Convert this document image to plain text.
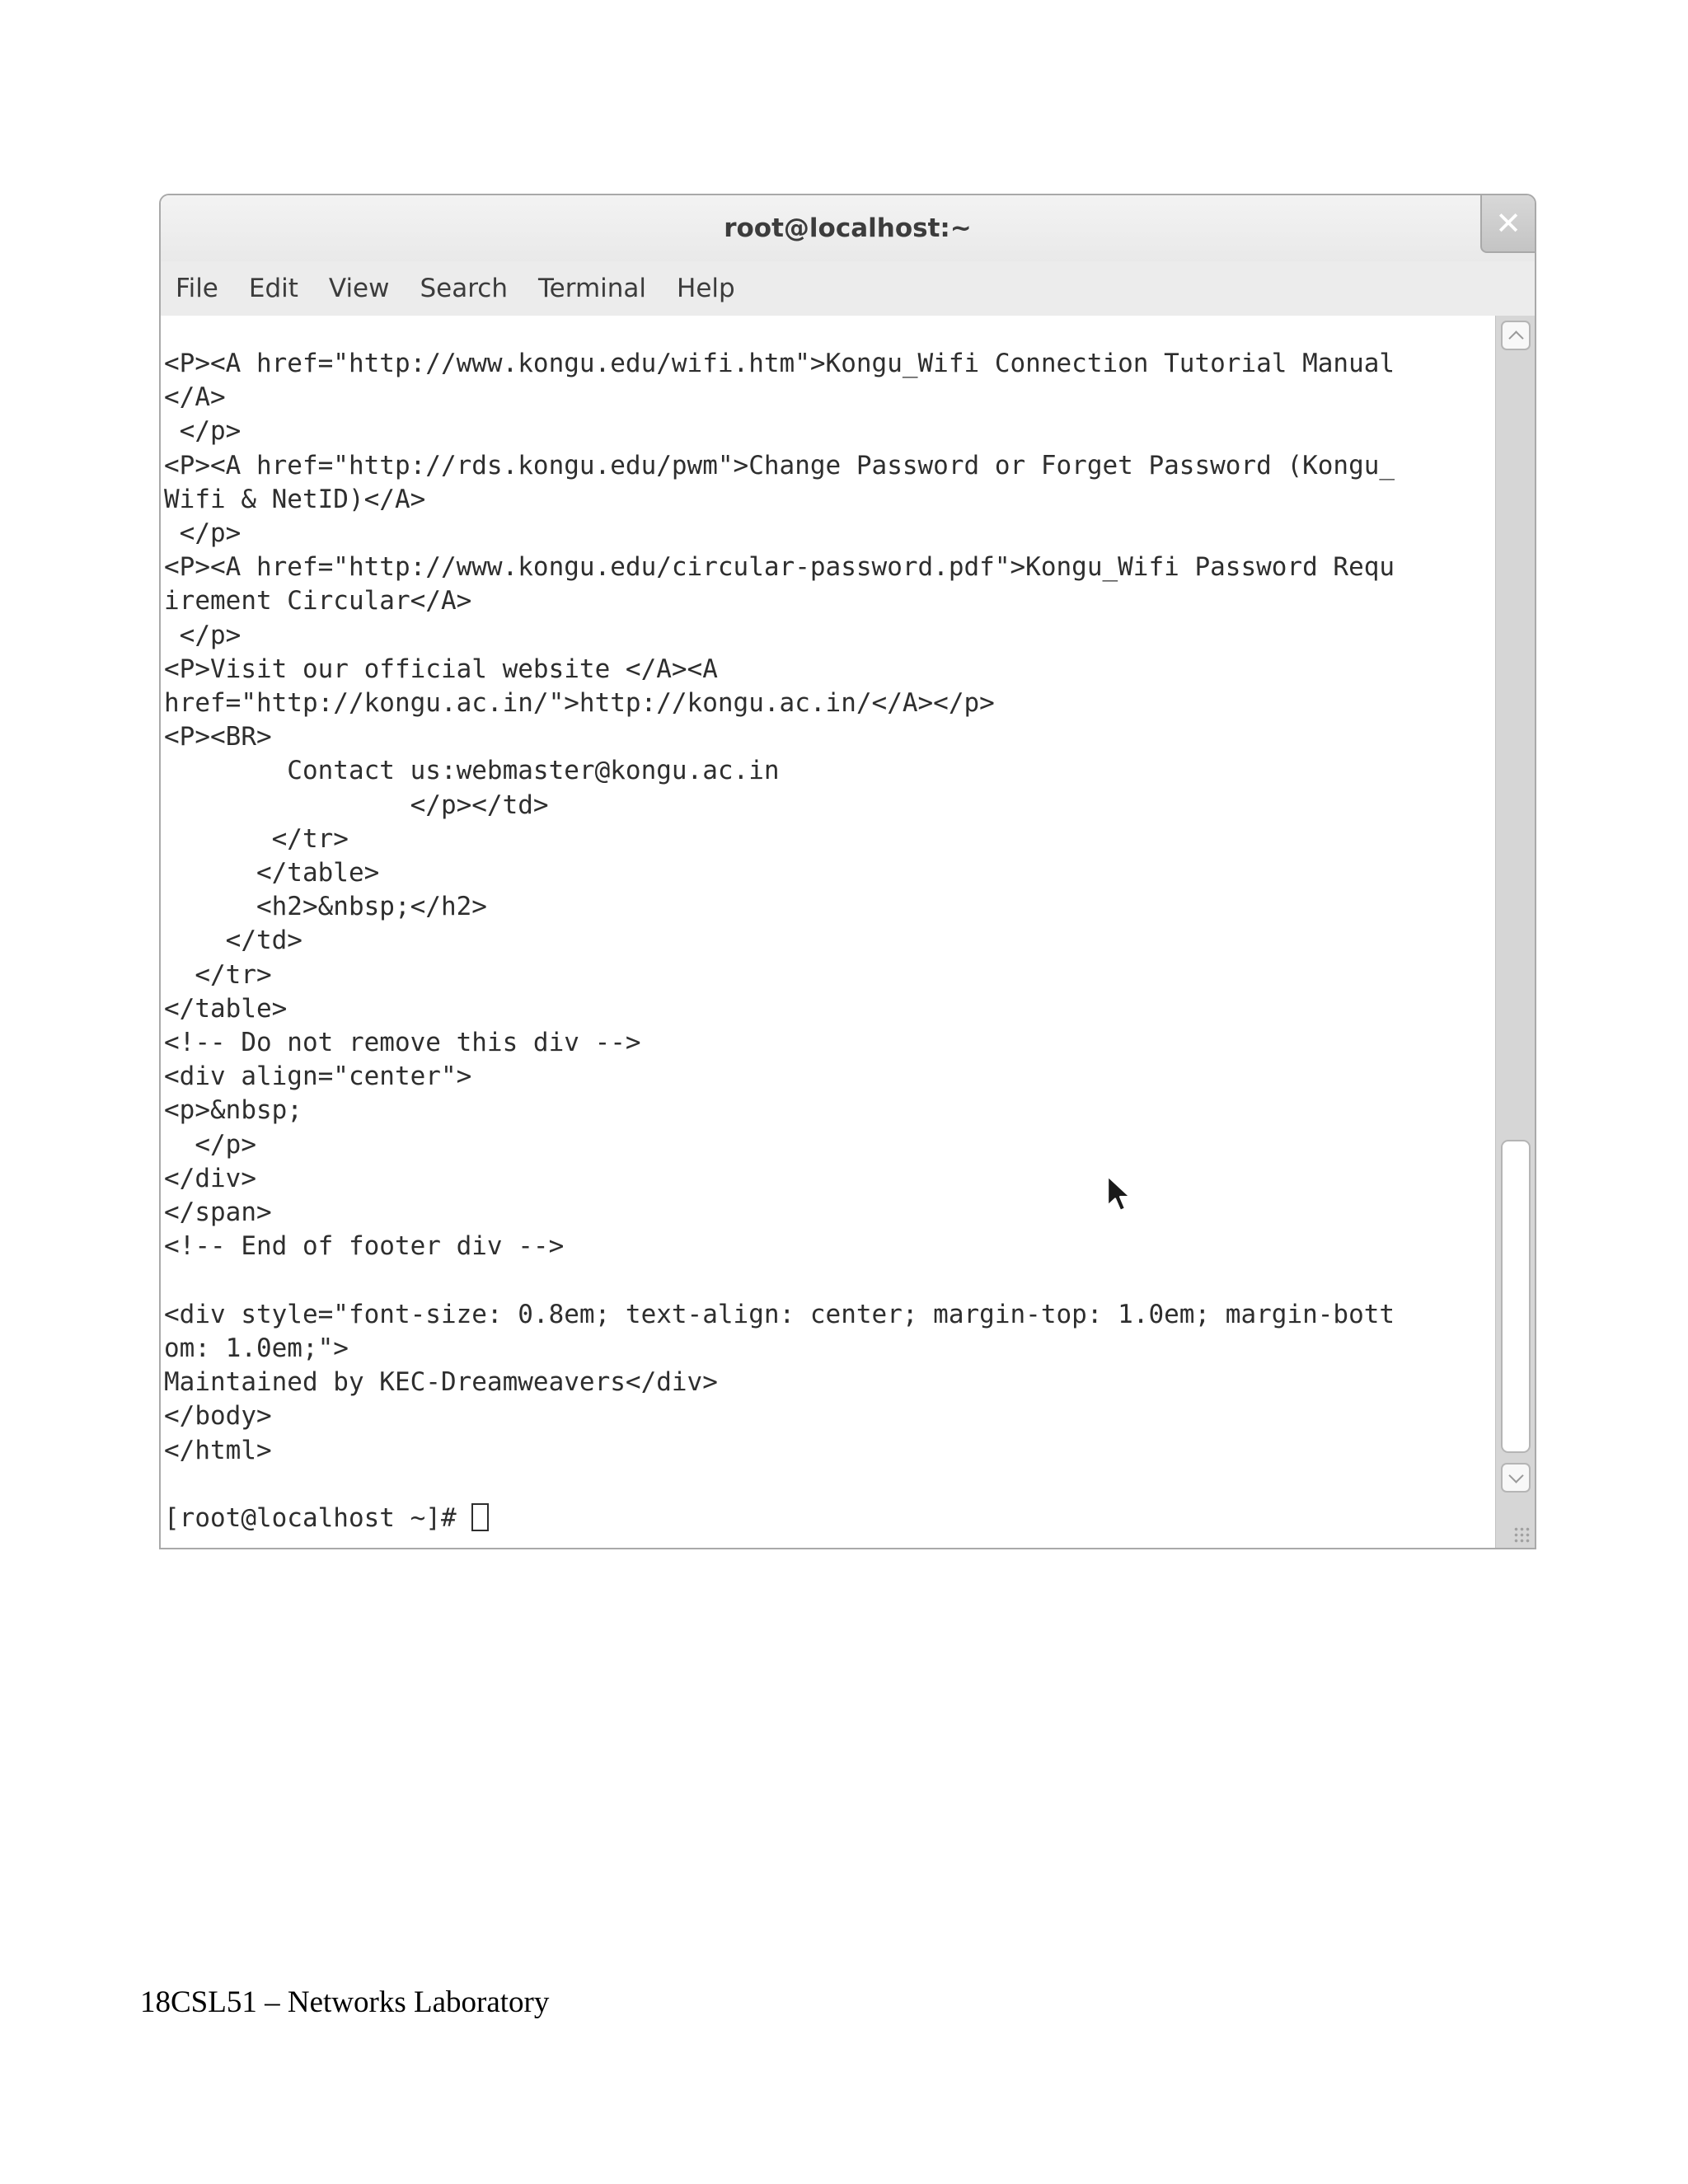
root@localhost:~	✕
File Edit View Search Terminal Help
<P><A href="http://www.kongu.edu/wifi.htm">Kongu_Wifi Connection Tutorial Manual
</A>
</p>
<P><A href="http://rds.kongu.edu/pwm">Change Password or Forget Password (Kongu_
Wifi & NetID)</A>
</p>
<P><A href="http://www.kongu.edu/circular-password.pdf">Kongu_Wifi Password Requ
irement Circular</A>
</p>
<P>Visit our official website </A><A
href="http://kongu.ac.in/">http://kongu.ac.in/</A></p>
<P><BR>
Contact us:webmaster@kongu.ac.in
</p></td>
</tr>
</table>
<h2>&nbsp;</h2>
</td>
</tr>
</table>
<!-- Do not remove this div -->
<div align="center">
<p>&nbsp;
</p>
</div>
</span>
<!-- End of footer div -->

<div style="font-size: 0.8em; text-align: center; margin-top: 1.0em; margin-bott
om: 1.0em;">
Maintained by KEC-Dreamweavers</div>
</body>
</html>

[root@localhost ~]#
18CSL51 – Networks Laboratory
